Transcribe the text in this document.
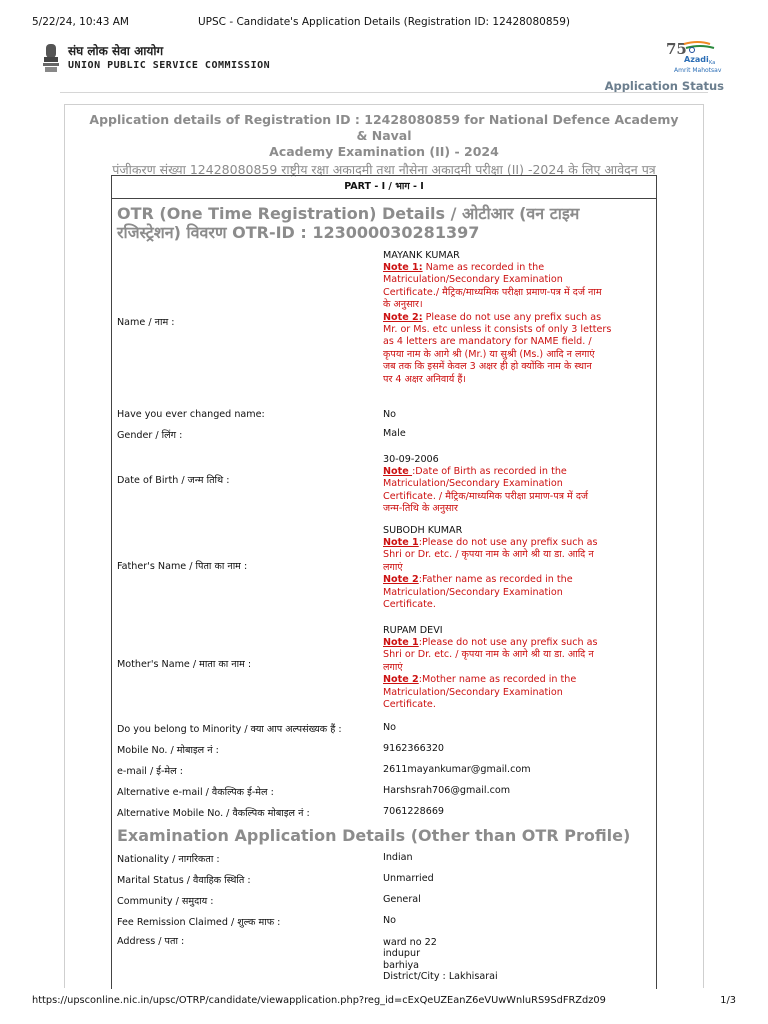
5/22/24, 10:43 AM	UPSC - Candidate's Application Details (Registration ID: 12428080859)
संघ लोक सेवा आयोग
UNION PUBLIC SERVICE COMMISSION
75
Azadi Ka
Amrit Mahotsav
Application Status
Application details of Registration ID : 12428080859 for National Defence Academy & Naval
Academy Examination (II) - 2024
पंजीकरण संख्या 12428080859 राष्ट्रीय रक्षा अकादमी तथा नौसेना अकादमी परीक्षा (II) -2024 के लिए आवेदन पत्र
PART - I / भाग - I
OTR (One Time Registration) Details / ओटीआर (वन टाइम
रजिस्ट्रेशन) विवरण OTR-ID : 123000030281397
Name / नाम :
MAYANK KUMAR
Note 1: Name as recorded in the
Matriculation/Secondary Examination
Certificate./ मैट्रिक/माध्यमिक परीक्षा प्रमाण-पत्र में दर्ज नाम
के अनुसार।
Note 2: Please do not use any prefix such as
Mr. or Ms. etc unless it consists of only 3 letters
as 4 letters are mandatory for NAME field. /
कृपया नाम के आगे श्री (Mr.) या सुश्री (Ms.) आदि न लगाएं
जब तक कि इसमें केवल 3 अक्षर ही हो क्योंकि नाम के स्थान
पर 4 अक्षर अनिवार्य हैं।
Have you ever changed name:	No
Gender / लिंग :	Male
Date of Birth / जन्म तिथि :
30-09-2006
Note :Date of Birth as recorded in the
Matriculation/Secondary Examination
Certificate. / मैट्रिक/माध्यमिक परीक्षा प्रमाण-पत्र में दर्ज
जन्म-तिथि के अनुसार
Father's Name / पिता का नाम :
SUBODH KUMAR
Note 1:Please do not use any prefix such as
Shri or Dr. etc. / कृपया नाम के आगे श्री या डा. आदि न
लगाएं
Note 2:Father name as recorded in the
Matriculation/Secondary Examination
Certificate.
Mother's Name / माता का नाम :
RUPAM DEVI
Note 1:Please do not use any prefix such as
Shri or Dr. etc. / कृपया नाम के आगे श्री या डा. आदि न
लगाएं
Note 2:Mother name as recorded in the
Matriculation/Secondary Examination
Certificate.
Do you belong to Minority / क्या आप अल्पसंख्यक हैं :	No
Mobile No. / मोबाइल नं :	9162366320
e-mail / ई-मेल :	2611mayankumar@gmail.com
Alternative e-mail / वैकल्पिक ई-मेल :	Harshsrah706@gmail.com
Alternative Mobile No. / वैकल्पिक मोबाइल नं :	7061228669
Examination Application Details (Other than OTR Profile)
Nationality / नागरिकता :	Indian
Marital Status / वैवाहिक स्थिति :	Unmarried
Community / समुदाय :	General
Fee Remission Claimed / शुल्क माफ :	No
Address / पता :	ward no 22
indupur
barhiya
District/City : Lakhisarai
https://upsconline.nic.in/upsc/OTRP/candidate/viewapplication.php?reg_id=cExQeUZEanZ6eVUwWnluRS9SdFRZdz09	1/3
